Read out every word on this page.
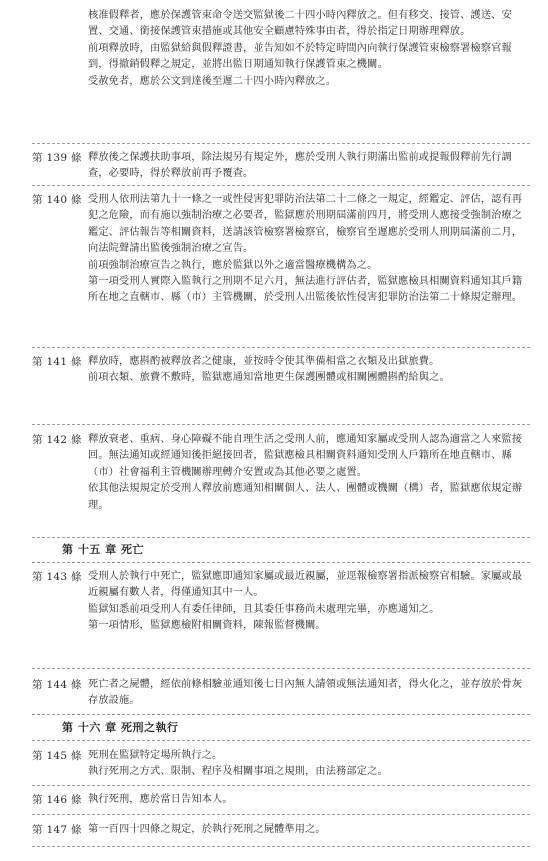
核准假釋者，應於保護管束命令送交監獄後二十四小時內釋放之。但有移交、接管、護送、安置、交通、銜接保護管束措施或其他安全顧慮特殊事由者，得於指定日期辦理釋放。

前項釋放時，由監獄給與假釋證書，並告知如不於特定時間內向執行保護管束檢察署檢察官報到，得撤銷假釋之規定，並將出監日期通知執行保護管束之機關。

受赦免者，應於公文到達後至遲二十四小時內釋放之。

第 139 條 釋放後之保護扶助事項，除法規另有規定外，應於受刑人執行期滿出監前或提報假釋前先行調查，必要時，得於釋放前再予覆查。

第 140 條 受刑人依刑法第九十一條之一或性侵害犯罪防治法第二十二條之一規定，經鑑定、評估，認有再犯之危險，而有施以強制治療之必要者，監獄應於刑期屆滿前四月，將受刑人應接受強制治療之鑑定、評估報告等相關資料，送請該管檢察署檢察官，檢察官至遲應於受刑人刑期屆滿前二月，向法院聲請出監後強制治療之宣告。

前項強制治療宣告之執行，應於監獄以外之適當醫療機構為之。

第一項受刑人實際入監執行之刑期不足六月，無法進行評估者，監獄應檢具相關資料通知其戶籍所在地之直轄市、縣（市）主管機關，於受刑人出監後依性侵害犯罪防治法第二十條規定辦理。

第 141 條 釋放時，應斟酌被釋放者之健康，並按時令使其準備相當之衣類及出獄旅費。

前項衣類、旅費不敷時，監獄應通知當地更生保護團體或相關團體斟酌給與之。

第 142 條 釋放衰老、重病、身心障礙不能自理生活之受刑人前，應通知家屬或受刑人認為適當之人來監接回。無法通知或經通知後拒絕接回者，監獄應檢具相關資料通知受刑人戶籍所在地直轄市、縣（市）社會福利主管機關辦理轉介安置或為其他必要之處置。

依其他法規規定於受刑人釋放前應通知相關個人、法人、團體或機關（構）者，監獄應依規定辦理。

第 十五 章 死亡
第 143 條 受刑人於執行中死亡，監獄應即通知家屬或最近親屬，並逕報檢察署指派檢察官相驗。家屬或最近親屬有數人者，得僅通知其中一人。

監獄知悉前項受刑人有委任律師，且其委任事務尚未處理完畢，亦應通知之。

第一項情形，監獄應檢附相關資料，陳報監督機關。

第 144 條 死亡者之屍體，經依前條相驗並通知後七日內無人請領或無法通知者，得火化之，並存放於骨灰存放設施。

第 十六 章 死刑之執行
第 145 條 死刑在監獄特定場所執行之。

執行死刑之方式、限制、程序及相關事項之規則，由法務部定之。

第 146 條 執行死刑，應於當日告知本人。

第 147 條 第一百四十四條之規定，於執行死刑之屍體準用之。
